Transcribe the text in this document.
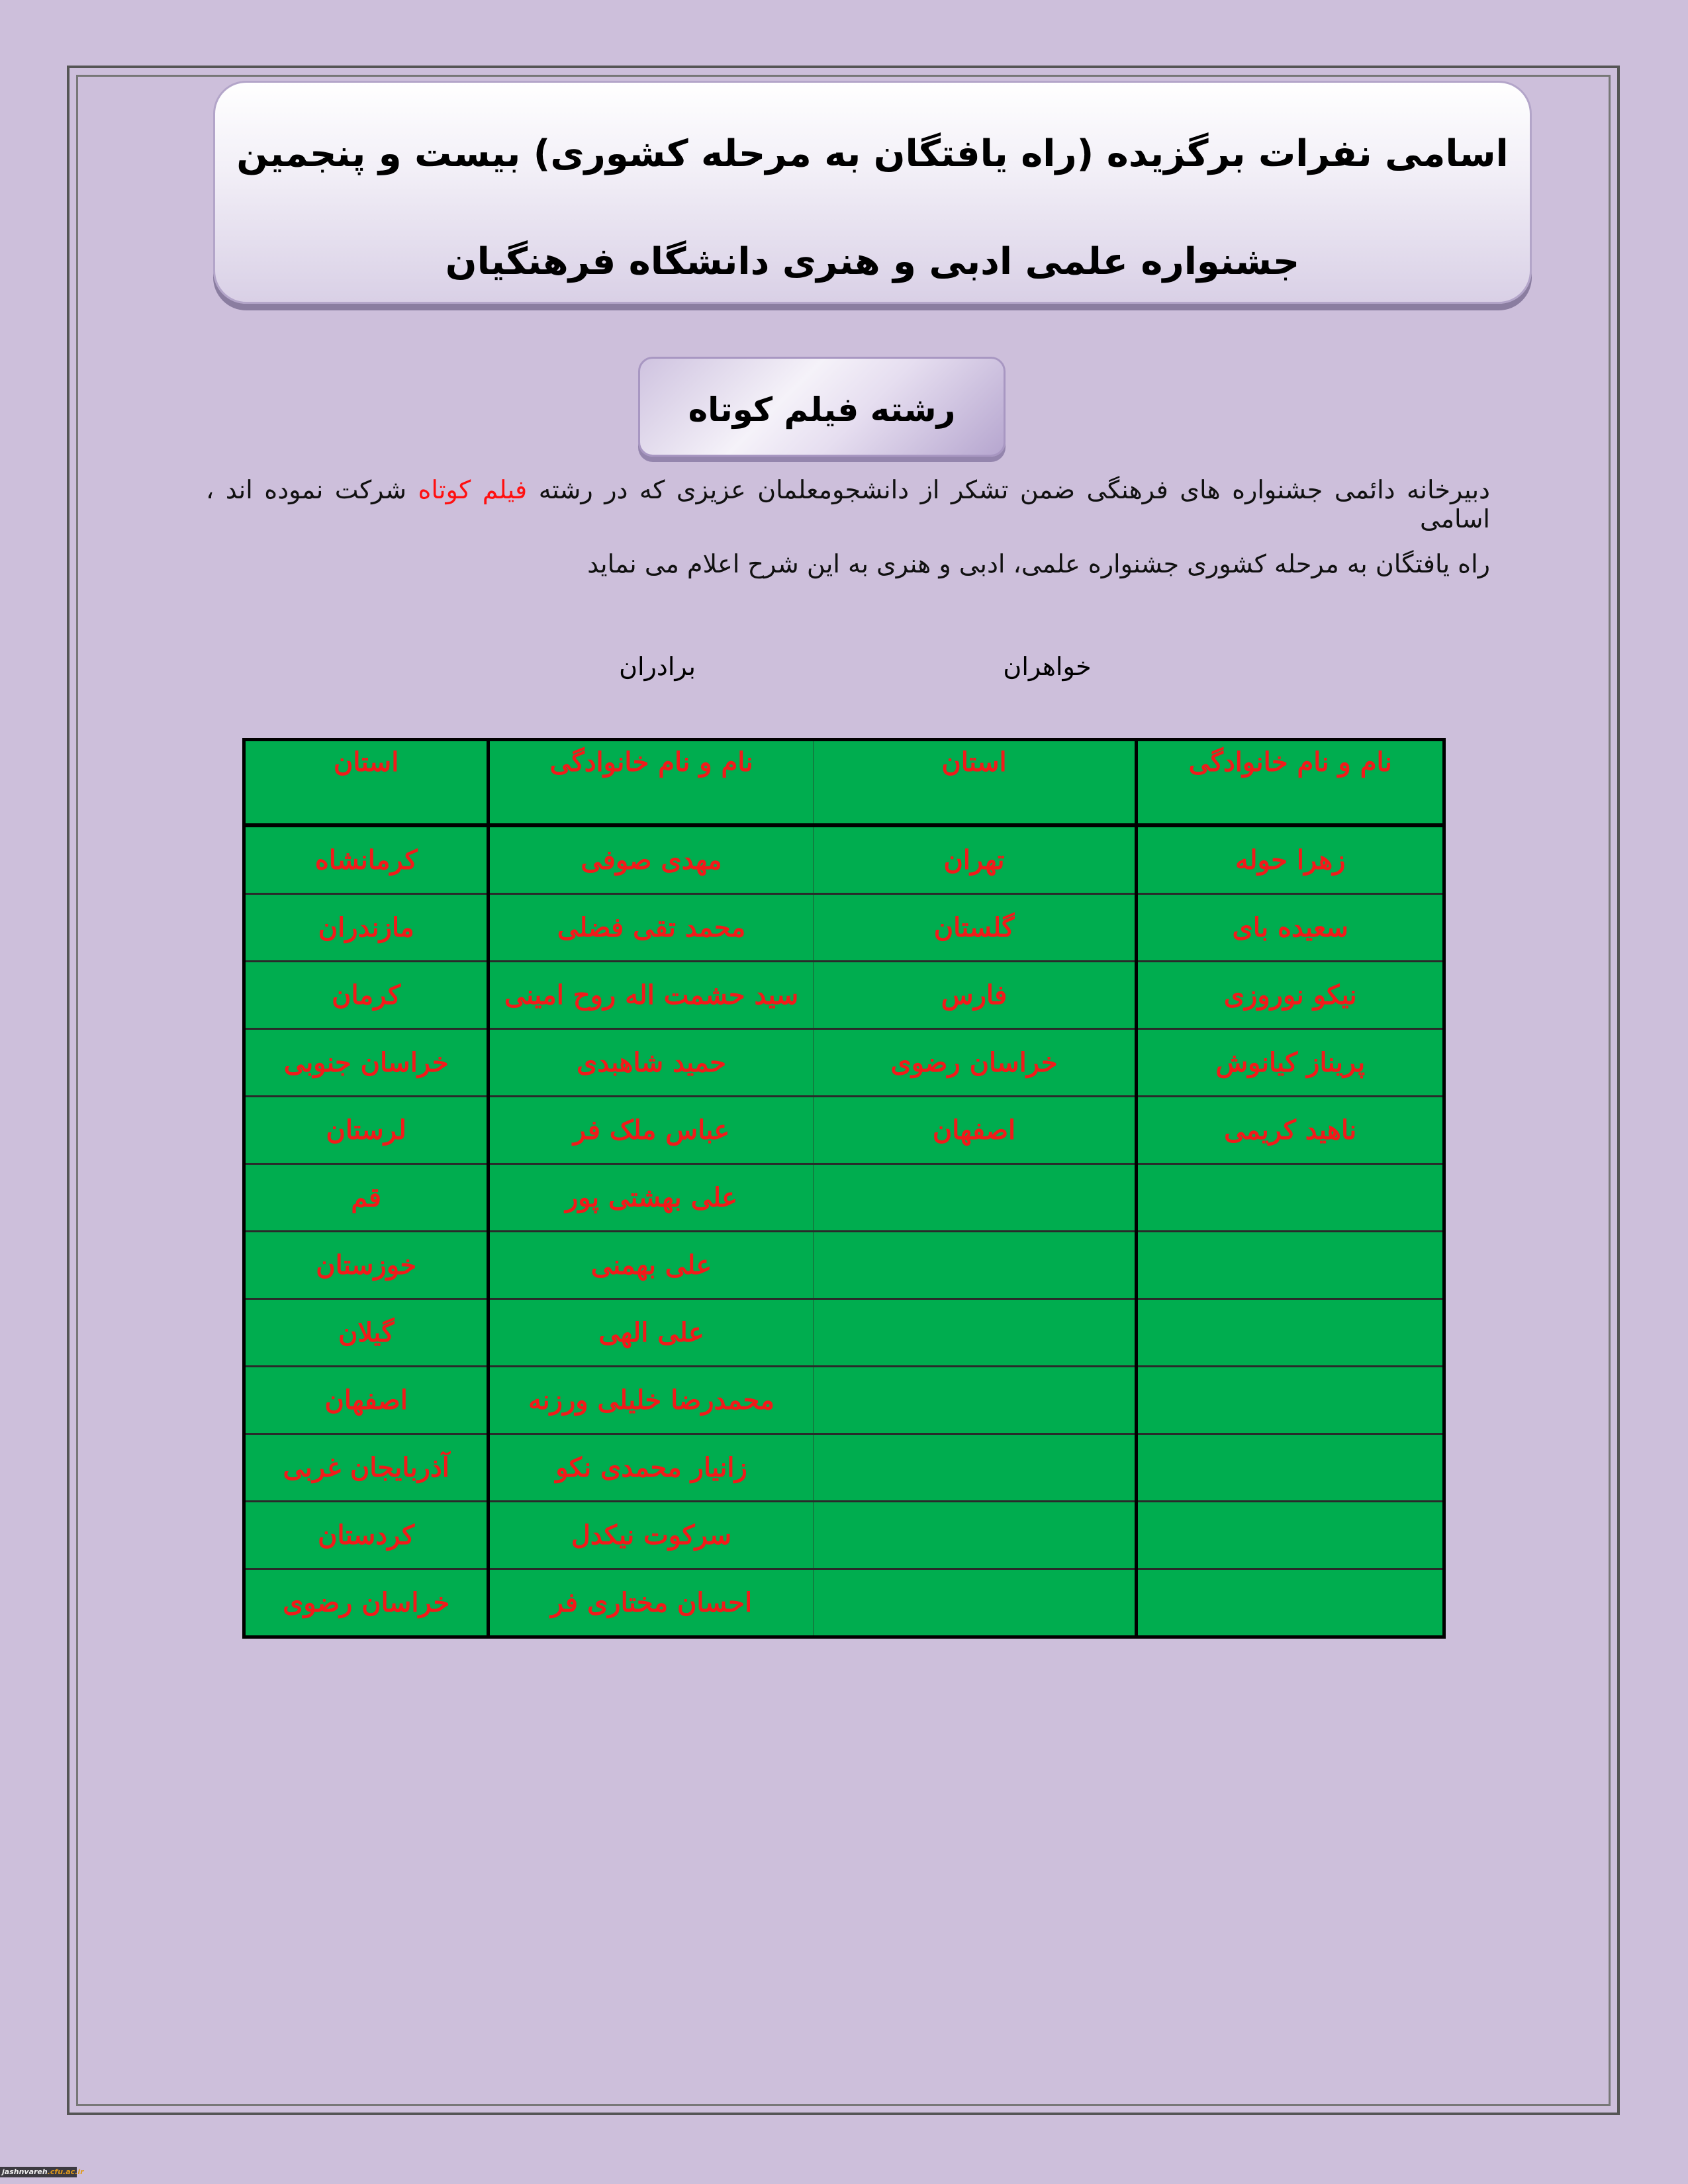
اسامی نفرات برگزیده (راه یافتگان به مرحله کشوری) بیست و پنجمین
جشنواره علمی ادبی و هنری دانشگاه فرهنگیان
رشته فیلم کوتاه
دبیرخانه دائمی جشنواره های فرهنگی ضمن تشکر از دانشجومعلمان عزیزی که در رشته فیلم کوتاه شرکت نموده اند ، اسامی
راه یافتگان به مرحله کشوری جشنواره علمی، ادبی و هنری به این شرح اعلام می نماید
خواهران
برادران
نام و نام خانوادگی	استان	نام و نام خانوادگی	استان
زهرا حوله	تهران	مهدی صوفی	کرمانشاه
سعیده بای	گلستان	محمد تقی فضلی	مازندران
نیکو نوروزی	فارس	سید حشمت اله روح امینی	کرمان
پریناز کیانوش	خراسان رضوی	حمید شاهبدی	خراسان جنوبی
ناهید کریمی	اصفهان	عباس ملک فر	لرستان
		علی بهشتی پور	قم
		علی بهمنی	خوزستان
		علی الهی	گیلان
		محمدرضا خلیلی ورزنه	اصفهان
		زانیار محمدی نکو	آذربایجان غربی
		سرکوت نیکدل	کردستان
		احسان مختاری فر	خراسان رضوی
jashnvareh.cfu.ac.ir
